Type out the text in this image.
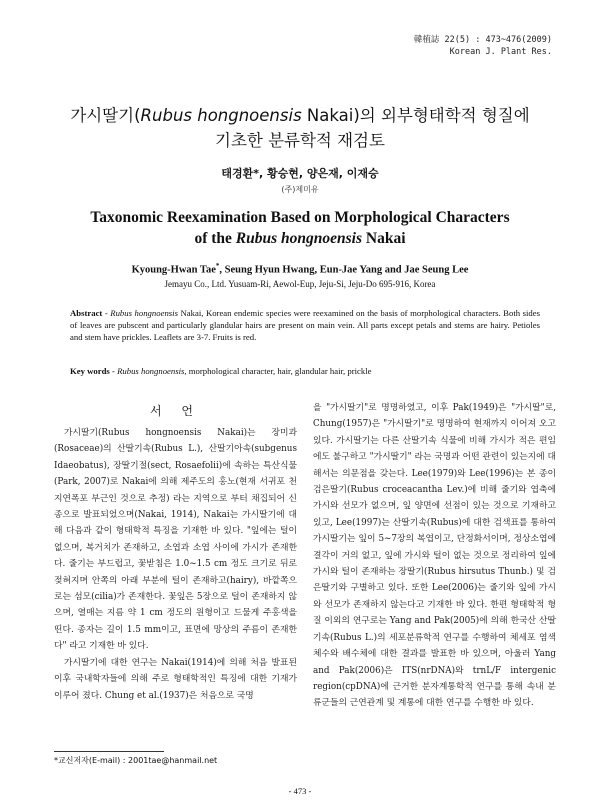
韓植誌 22(5) : 473~476(2009)
Korean J. Plant Res.
가시딸기(Rubus hongnoensis Nakai)의 외부형태학적 형질에
기초한 분류학적 재검토
태경환*, 황승현, 양은재, 이재승
(주)제미유
Taxonomic Reexamination Based on Morphological Characters
of the Rubus hongnoensis Nakai
Kyoung-Hwan Tae*, Seung Hyun Hwang, Eun-Jae Yang and Jae Seung Lee
Jemayu Co., Ltd. Yusuam-Ri, Aewol-Eup, Jeju-Si, Jeju-Do 695-916, Korea
Abstract - Rubus hongnoensis Nakai, Korean endemic species were reexamined on the basis of morphological characters. Both sides of leaves are pubscent and particularly glandular hairs are present on main vein. All parts except petals and stems are hairy. Petioles and stem have prickles. Leaflets are 3-7. Fruits is red.
Key words - Rubus hongnoensis, morphological character, hair, glandular hair, prickle
서 언

가시딸기(Rubus hongnoensis Nakai)는 장미과(Rosaceae)의 산딸기속(Rubus L.), 산딸기아속(subgenus Idaeobatus), 장딸기절(sect, Rosaefolii)에 속하는 특산식물(Park, 2007)로 Nakai에 의해 제주도의 홍노(현재 서귀포 천지연폭포 부근인 것으로 추정) 라는 지역으로 부터 채집되어 신종으로 발표되었으며(Nakai, 1914), Nakai는 가시딸기에 대해 다음과 같이 형태학적 특징을 기재한 바 있다. "잎에는 털이 없으며, 복거치가 존재하고, 소엽과 소엽 사이에 가시가 존재한다. 줄기는 부드럽고, 꽃받침은 1.0~1.5 cm 정도 크기로 뒤로 젖혀지며 안쪽의 아래 부분에 털이 존재하고(hairy), 바깥쪽으로는 섬모(cilia)가 존재한다. 꽃잎은 5장으로 털이 존재하지 않으며, 열매는 지름 약 1 cm 정도의 원형이고 드물게 주홍색을 띤다. 종자는 길이 1.5 mm이고, 표면에 망상의 주름이 존재한다" 라고 기재한 바 있다.

가시딸기에 대한 연구는 Nakai(1914)에 의해 처음 발표된 이후 국내학자들에 의해 주로 형태학적인 특징에 대한 기재가 이루어 졌다. Chung et al.(1937)은 처음으로 국명

을 "가시딸기"로 명명하였고, 이후 Pak(1949)은 "가시딸"로, Chung(1957)은 "가시딸기"로 명명하여 현재까지 이어져 오고 있다. 가시딸기는 다른 산딸기속 식물에 비해 가시가 적은 편임에도 불구하고 "가시딸기" 라는 국명과 어떤 관련이 있는지에 대해서는 의문점을 갖는다. Lee(1979)와 Lee(1996)는 본 종이 검은딸기(Rubus croceacantha Lev.)에 비해 줄기와 엽축에 가시와 선모가 없으며, 잎 양면에 선점이 있는 것으로 기재하고 있고, Lee(1997)는 산딸기속(Rubus)에 대한 검색표를 통하여 가시딸기는 잎이 5~7장의 복엽이고, 단정화서이며, 정상소엽에 결각이 거의 없고, 잎에 가시와 털이 없는 것으로 정리하여 잎에 가시와 털이 존재하는 장딸기(Rubus hirsutus Thunb.) 및 검은딸기와 구별하고 있다. 또한 Lee(2006)는 줄기와 잎에 가시와 선모가 존재하지 않는다고 기재한 바 있다. 한편 형태학적 형질 이외의 연구로는 Yang and Pak(2005)에 의해 한국산 산딸기속(Rubus L.)의 세포분류학적 연구를 수행하여 체세포 염색체수와 배수체에 대한 결과를 발표한 바 있으며, 아울러 Yang and Pak(2006)은 ITS(nrDNA)와 trnL/F intergenic region(cpDNA)에 근거한 분자계통학적 연구를 통해 속내 분류군들의 근연관계 및 계통에 대한 연구를 수행한 바 있다.

*교신저자(E-mail) : 2001tae@hanmail.net
- 473 -
